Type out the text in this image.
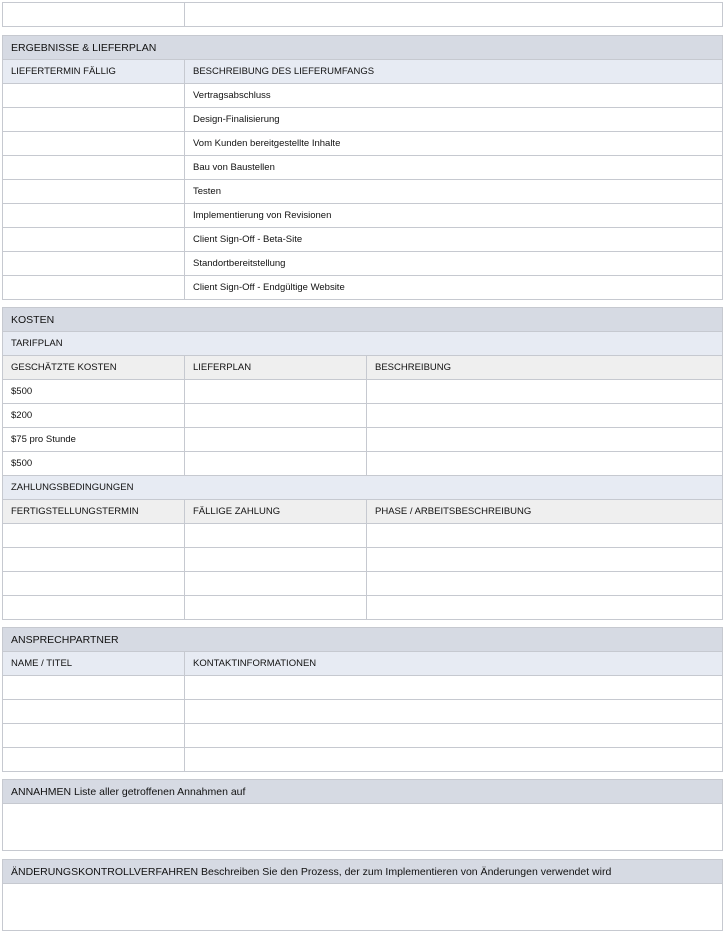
ERGEBNISSE & LIEFERPLAN	
LIEFERTERMIN FÄLLIG	BESCHREIBUNG DES LIEFERUMFANGS
	Vertragsabschluss
	Design-Finalisierung
	Vom Kunden bereitgestellte Inhalte
	Bau von Baustellen
	Testen
	Implementierung von Revisionen
	Client Sign-Off - Beta-Site
	Standortbereitstellung
	Client Sign-Off - Endgültige Website
KOSTEN		
TARIFPLAN		
GESCHÄTZTE KOSTEN	LIEFERPLAN	BESCHREIBUNG
$500		
$200		
$75 pro Stunde		
$500		
ZAHLUNGSBEDINGUNGEN		
FERTIGSTELLUNGSTERMIN	FÄLLIGE ZAHLUNG	PHASE / ARBEITSBESCHREIBUNG

ANSPRECHPARTNER	
NAME / TITEL	KONTAKTINFORMATIONEN

ANNAHMEN Liste aller getroffenen Annahmen auf

ÄNDERUNGSKONTROLLVERFAHREN Beschreiben Sie den Prozess, der zum Implementieren von Änderungen verwendet wird
